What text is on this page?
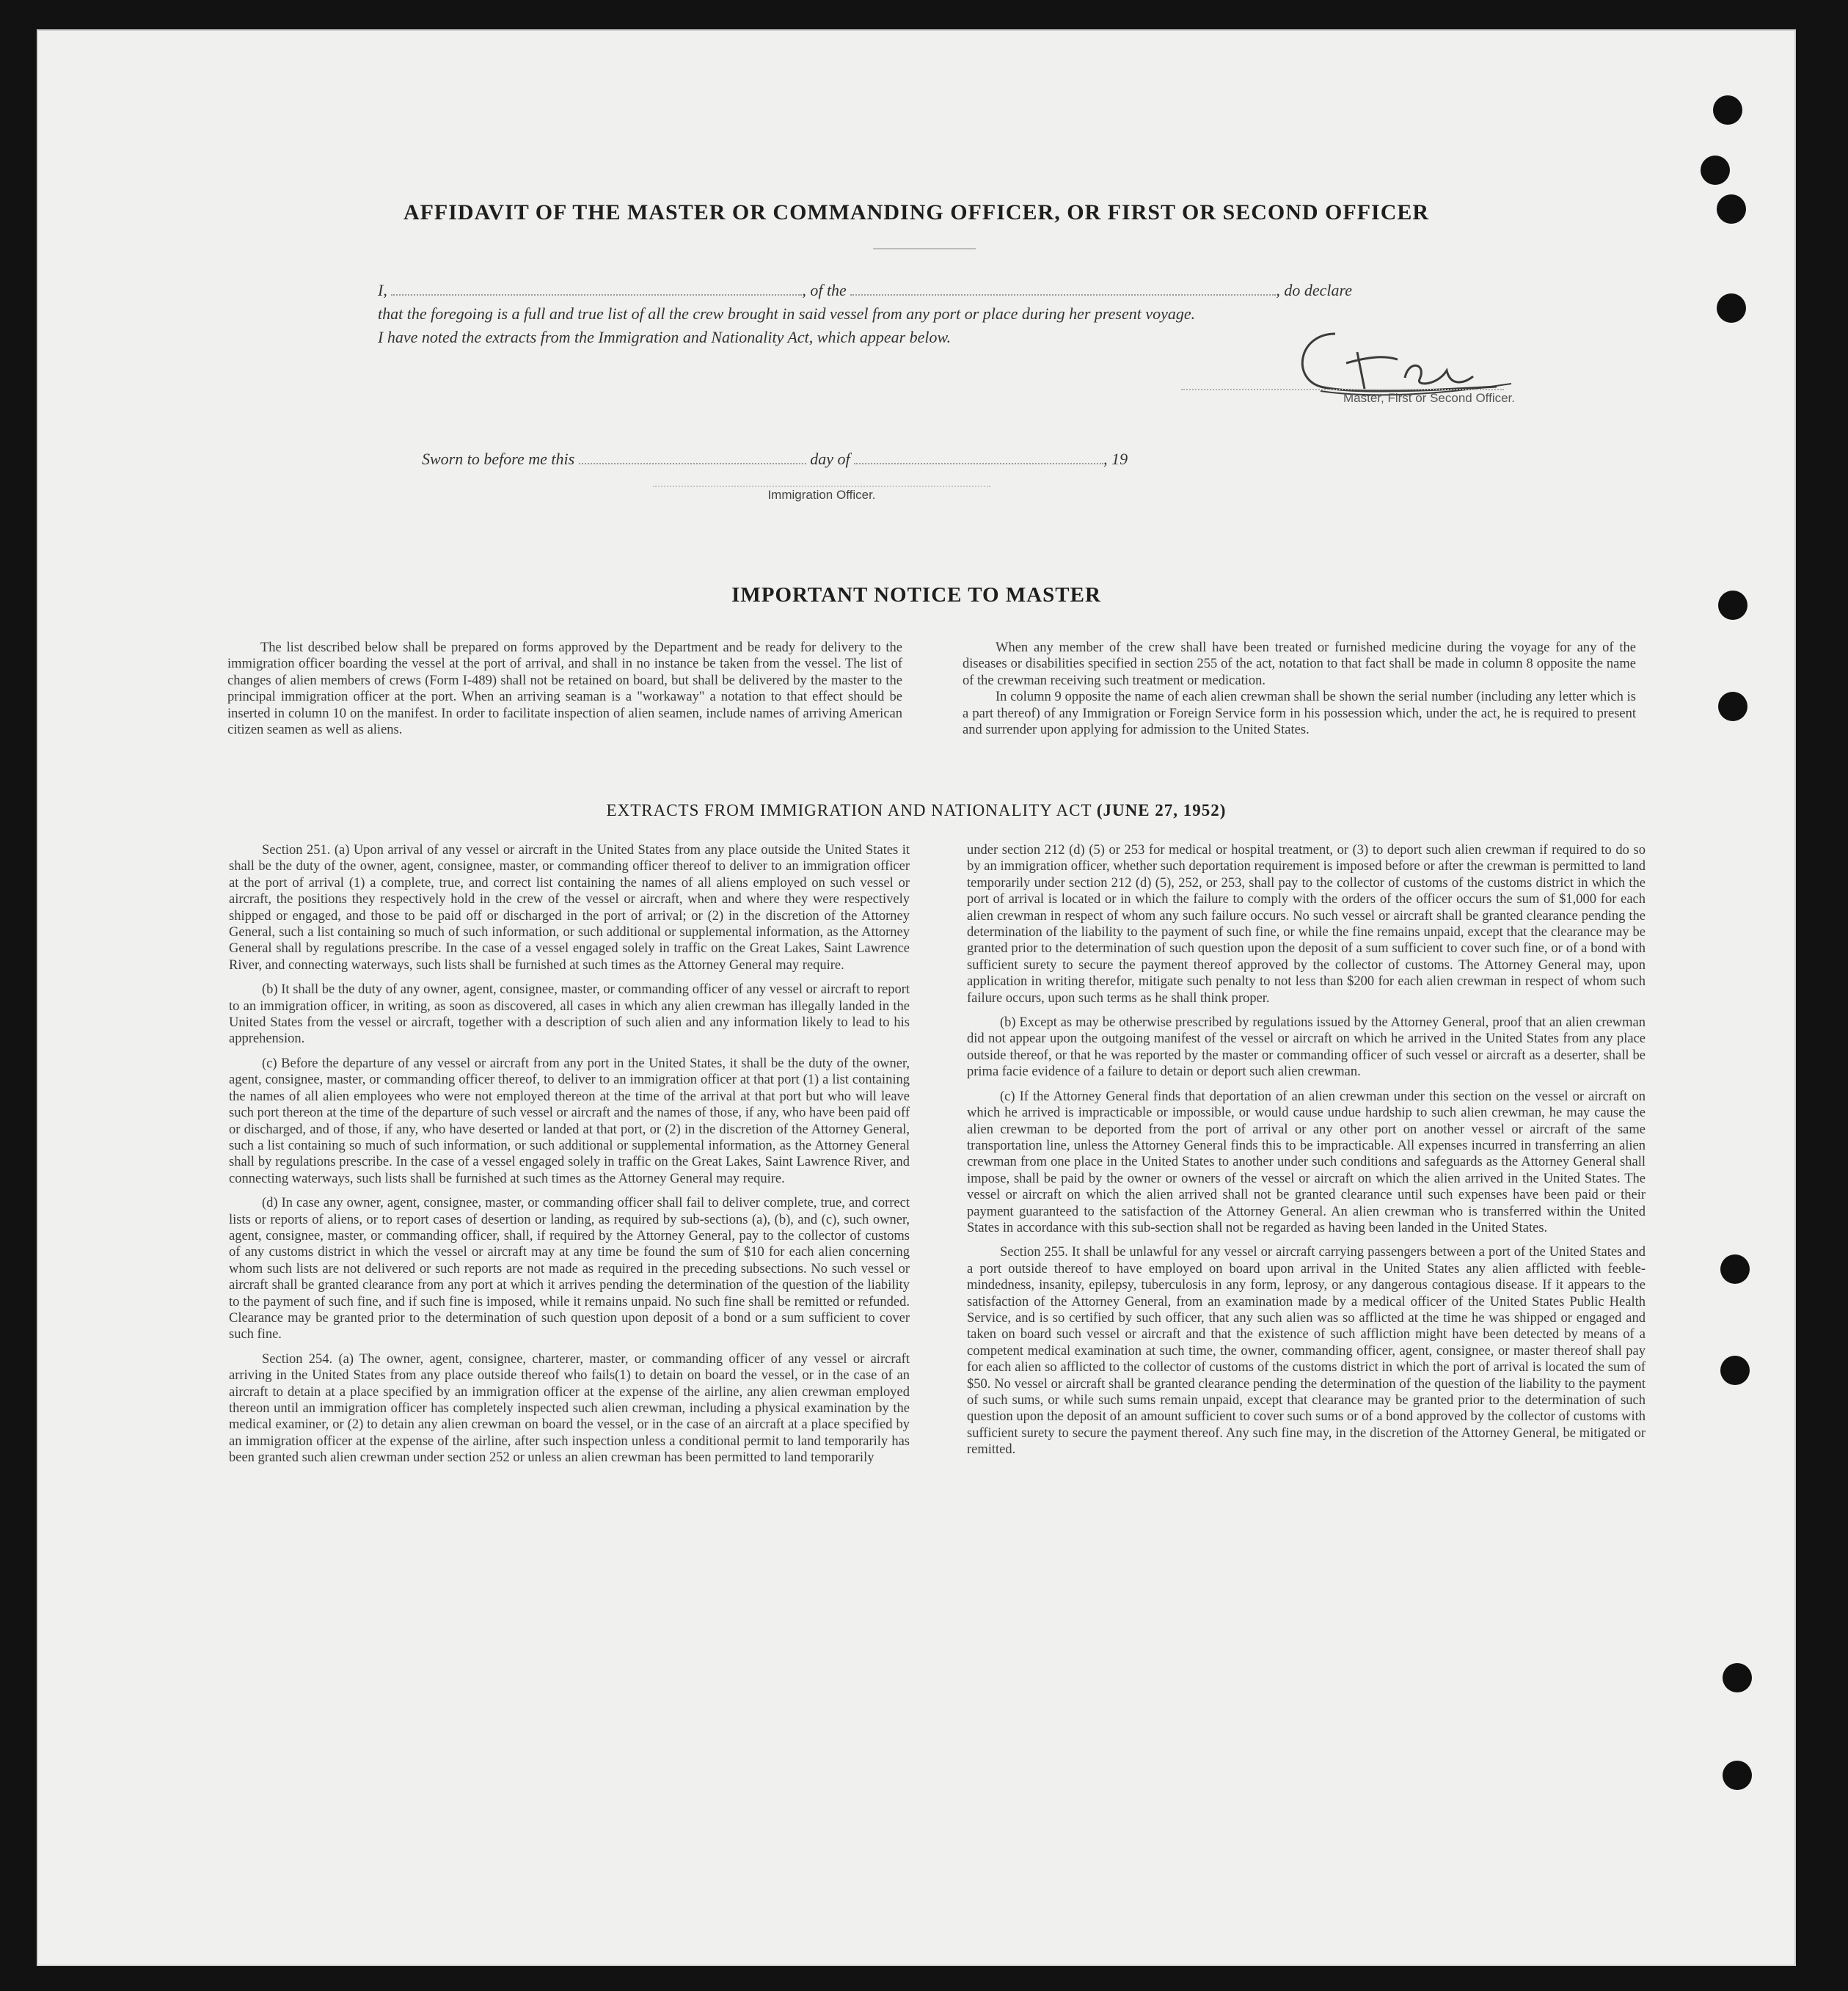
AFFIDAVIT OF THE MASTER OR COMMANDING OFFICER, OR FIRST OR SECOND OFFICER
I,	, of the	, do declare
that the foregoing is a full and true list of all the crew brought in said vessel from any port or place during her present voyage.
I have noted the extracts from the Immigration and Nationality Act, which appear below.
Master, First or Second Officer.
Sworn to before me this	day of	, 19
Immigration Officer.
IMPORTANT NOTICE TO MASTER

The list described below shall be prepared on forms approved by the Department and be ready for delivery to the immigration officer boarding the vessel at the port of arrival, and shall in no instance be taken from the vessel. The list of changes of alien members of crews (Form I-489) shall not be retained on board, but shall be delivered by the master to the principal immigration officer at the port. When an arriving seaman is a "workaway" a notation to that effect should be inserted in column 10 on the manifest. In order to facilitate inspection of alien seamen, include names of arriving American citizen seamen as well as aliens.

When any member of the crew shall have been treated or furnished medicine during the voyage for any of the diseases or disabilities specified in section 255 of the act, notation to that fact shall be made in column 8 opposite the name of the crewman receiving such treatment or medication.

In column 9 opposite the name of each alien crewman shall be shown the serial number (including any letter which is a part thereof) of any Immigration or Foreign Service form in his possession which, under the act, he is required to present and surrender upon applying for admission to the United States.

EXTRACTS FROM IMMIGRATION AND NATIONALITY ACT (JUNE 27, 1952)

Section 251. (a) Upon arrival of any vessel or aircraft in the United States from any place outside the United States it shall be the duty of the owner, agent, consignee, master, or commanding officer thereof to deliver to an immigration officer at the port of arrival (1) a complete, true, and correct list containing the names of all aliens employed on such vessel or aircraft, the positions they respectively hold in the crew of the vessel or aircraft, when and where they were respectively shipped or engaged, and those to be paid off or discharged in the port of arrival; or (2) in the discretion of the Attorney General, such a list containing so much of such information, or such additional or supplemental information, as the Attorney General shall by regulations prescribe. In the case of a vessel engaged solely in traffic on the Great Lakes, Saint Lawrence River, and connecting waterways, such lists shall be furnished at such times as the Attorney General may require.

(b) It shall be the duty of any owner, agent, consignee, master, or commanding officer of any vessel or aircraft to report to an immigration officer, in writing, as soon as discovered, all cases in which any alien crewman has illegally landed in the United States from the vessel or aircraft, together with a description of such alien and any information likely to lead to his apprehension.

(c) Before the departure of any vessel or aircraft from any port in the United States, it shall be the duty of the owner, agent, consignee, master, or commanding officer thereof, to deliver to an immigration officer at that port (1) a list containing the names of all alien employees who were not employed thereon at the time of the arrival at that port but who will leave such port thereon at the time of the departure of such vessel or aircraft and the names of those, if any, who have been paid off or discharged, and of those, if any, who have deserted or landed at that port, or (2) in the discretion of the Attorney General, such a list containing so much of such information, or such additional or supplemental information, as the Attorney General shall by regulations prescribe. In the case of a vessel engaged solely in traffic on the Great Lakes, Saint Lawrence River, and connecting waterways, such lists shall be furnished at such times as the Attorney General may require.

(d) In case any owner, agent, consignee, master, or commanding officer shall fail to deliver complete, true, and correct lists or reports of aliens, or to report cases of desertion or landing, as required by sub-sections (a), (b), and (c), such owner, agent, consignee, master, or commanding officer, shall, if required by the Attorney General, pay to the collector of customs of any customs district in which the vessel or aircraft may at any time be found the sum of $10 for each alien concerning whom such lists are not delivered or such reports are not made as required in the preceding subsections. No such vessel or aircraft shall be granted clearance from any port at which it arrives pending the determination of the question of the liability to the payment of such fine, and if such fine is imposed, while it remains unpaid. No such fine shall be remitted or refunded. Clearance may be granted prior to the determination of such question upon deposit of a bond or a sum sufficient to cover such fine.

Section 254. (a) The owner, agent, consignee, charterer, master, or commanding officer of any vessel or aircraft arriving in the United States from any place outside thereof who fails(1) to detain on board the vessel, or in the case of an aircraft to detain at a place specified by an immigration officer at the expense of the airline, any alien crewman employed thereon until an immigration officer has completely inspected such alien crewman, including a physical examination by the medical examiner, or (2) to detain any alien crewman on board the vessel, or in the case of an aircraft at a place specified by an immigration officer at the expense of the airline, after such inspection unless a conditional permit to land temporarily has been granted such alien crewman under section 252 or unless an alien crewman has been permitted to land temporarily

under section 212 (d) (5) or 253 for medical or hospital treatment, or (3) to deport such alien crewman if required to do so by an immigration officer, whether such deportation requirement is imposed before or after the crewman is permitted to land temporarily under section 212 (d) (5), 252, or 253, shall pay to the collector of customs of the customs district in which the port of arrival is located or in which the failure to comply with the orders of the officer occurs the sum of $1,000 for each alien crewman in respect of whom any such failure occurs. No such vessel or aircraft shall be granted clearance pending the determination of the liability to the payment of such fine, or while the fine remains unpaid, except that the clearance may be granted prior to the determination of such question upon the deposit of a sum sufficient to cover such fine, or of a bond with sufficient surety to secure the payment thereof approved by the collector of customs. The Attorney General may, upon application in writing therefor, mitigate such penalty to not less than $200 for each alien crewman in respect of whom such failure occurs, upon such terms as he shall think proper.

(b) Except as may be otherwise prescribed by regulations issued by the Attorney General, proof that an alien crewman did not appear upon the outgoing manifest of the vessel or aircraft on which he arrived in the United States from any place outside thereof, or that he was reported by the master or commanding officer of such vessel or aircraft as a deserter, shall be prima facie evidence of a failure to detain or deport such alien crewman.

(c) If the Attorney General finds that deportation of an alien crewman under this section on the vessel or aircraft on which he arrived is impracticable or impossible, or would cause undue hardship to such alien crewman, he may cause the alien crewman to be deported from the port of arrival or any other port on another vessel or aircraft of the same transportation line, unless the Attorney General finds this to be impracticable. All expenses incurred in transferring an alien crewman from one place in the United States to another under such conditions and safeguards as the Attorney General shall impose, shall be paid by the owner or owners of the vessel or aircraft on which the alien arrived in the United States. The vessel or aircraft on which the alien arrived shall not be granted clearance until such expenses have been paid or their payment guaranteed to the satisfaction of the Attorney General. An alien crewman who is transferred within the United States in accordance with this sub-section shall not be regarded as having been landed in the United States.

Section 255. It shall be unlawful for any vessel or aircraft carrying passengers between a port of the United States and a port outside thereof to have employed on board upon arrival in the United States any alien afflicted with feeble-mindedness, insanity, epilepsy, tuberculosis in any form, leprosy, or any dangerous contagious disease. If it appears to the satisfaction of the Attorney General, from an examination made by a medical officer of the United States Public Health Service, and is so certified by such officer, that any such alien was so afflicted at the time he was shipped or engaged and taken on board such vessel or aircraft and that the existence of such affliction might have been detected by means of a competent medical examination at such time, the owner, commanding officer, agent, consignee, or master thereof shall pay for each alien so afflicted to the collector of customs of the customs district in which the port of arrival is located the sum of $50. No vessel or aircraft shall be granted clearance pending the determination of the question of the liability to the payment of such sums, or while such sums remain unpaid, except that clearance may be granted prior to the determination of such question upon the deposit of an amount sufficient to cover such sums or of a bond approved by the collector of customs with sufficient surety to secure the payment thereof. Any such fine may, in the discretion of the Attorney General, be mitigated or remitted.
